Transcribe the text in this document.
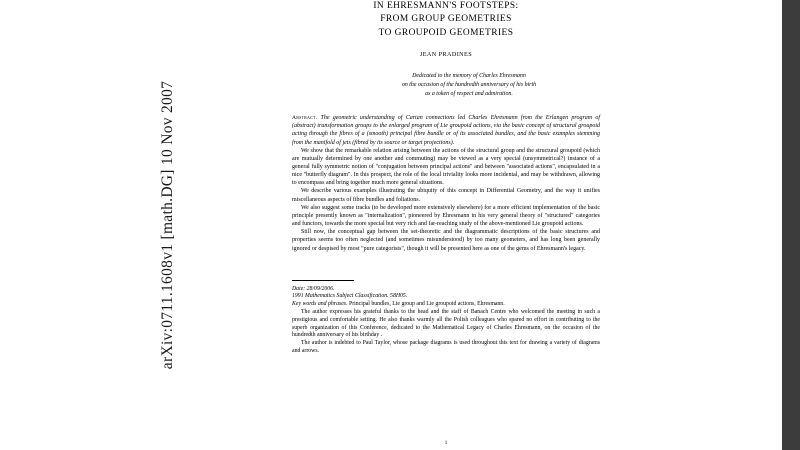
arXiv:0711.1608v1 [math.DG] 10 Nov 2007
IN EHRESMANN'S FOOTSTEPS:
FROM GROUP GEOMETRIES
TO GROUPOID GEOMETRIES
JEAN PRADINES
Dedicated to the memory of Charles Ehresmann
on the occasion of the hundredth anniversary of his birth
as a token of respect and admiration.

Abstract. The geometric understanding of Cartan connections led Charles Ehresmann from the Erlangen program of (abstract) transformation groups to the enlarged program of Lie groupoid actions, via the basic concept of structural groupoid acting through the fibres of a (smooth) principal fibre bundle or of its associated bundles, and the basic examples stemming from the manifold of jets (fibred by its source or target projections).

We show that the remarkable relation arising between the actions of the structural group and the structural groupoid (which are mutually determined by one another and commuting) may be viewed as a very special (unsymmetrical?) instance of a general fully symmetric notion of "conjugation between principal actions" and between "associated actions", encapsulated in a nice "butterfly diagram". In this prospect, the role of the local triviality looks more incidental, and may be withdrawn, allowing to encompass and bring together much more general situations.

We describe various examples illustrating the ubiquity of this concept in Differential Geometry, and the way it unifies miscellaneous aspects of fibre bundles and foliations.

We also suggest some tracks (to be developed more extensively elsewhere) for a more efficient implementation of the basic principle presently known as "internalization", pioneered by Ehresmann in his very general theory of "structured" categories and functors, towards the more special but very rich and far-reaching study of the above-mentioned Lie groupoid actions.

Still now, the conceptual gap between the set-theoretic and the diagrammatic descriptions of the basic structures and properties seems too often neglected (and sometimes misunderstood) by too many geometers, and has long been generally ignored or despised by most "pure categorists", though it will be presented here as one of the gems of Ehresmann's legacy.

Date: 28/09/2006.

1991 Mathematics Subject Classification. 58H05.

Key words and phrases. Principal bundles, Lie group and Lie groupoid actions, Ehresmann.

The author expresses his grateful thanks to the head and the staff of Banach Centre who welcomed the meeting in such a prestigious and comfortable setting. He also thanks warmly all the Polish colleagues who spared no effort in contributing to the superb organization of this Conference, dedicated to the Mathematical Legacy of Charles Ehresmann, on the occasion of the hundredth anniversary of his birthday .

The author is indebted to Paul Taylor, whose package diagrams is used throughout this text for drawing a variety of diagrams and arrows.

1
